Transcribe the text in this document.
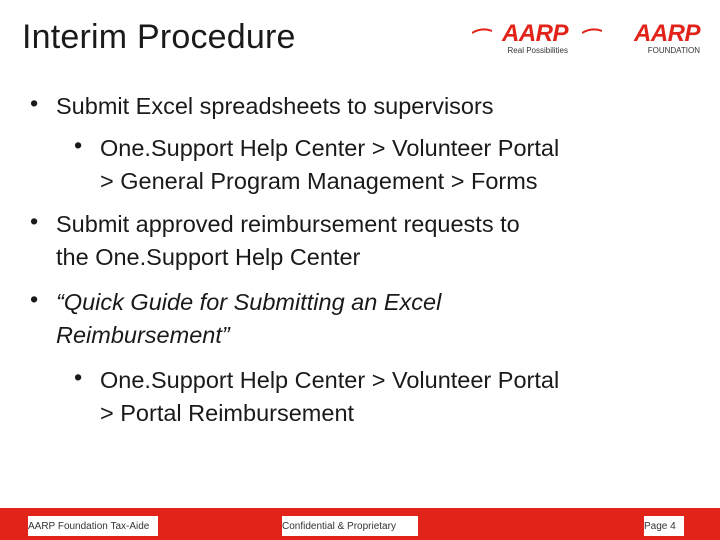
Interim Procedure	AARP
Real Possibilities
AARP
FOUNDATION
• Submit Excel spreadsheets to supervisors
• One.Support Help Center > Volunteer Portal
> General Program Management > Forms
• Submit approved reimbursement requests to
the One.Support Help Center
• “Quick Guide for Submitting an Excel
Reimbursement”
• One.Support Help Center > Volunteer Portal
> Portal Reimbursement
AARP Foundation Tax-Aide	Confidential & Proprietary	Page 4
